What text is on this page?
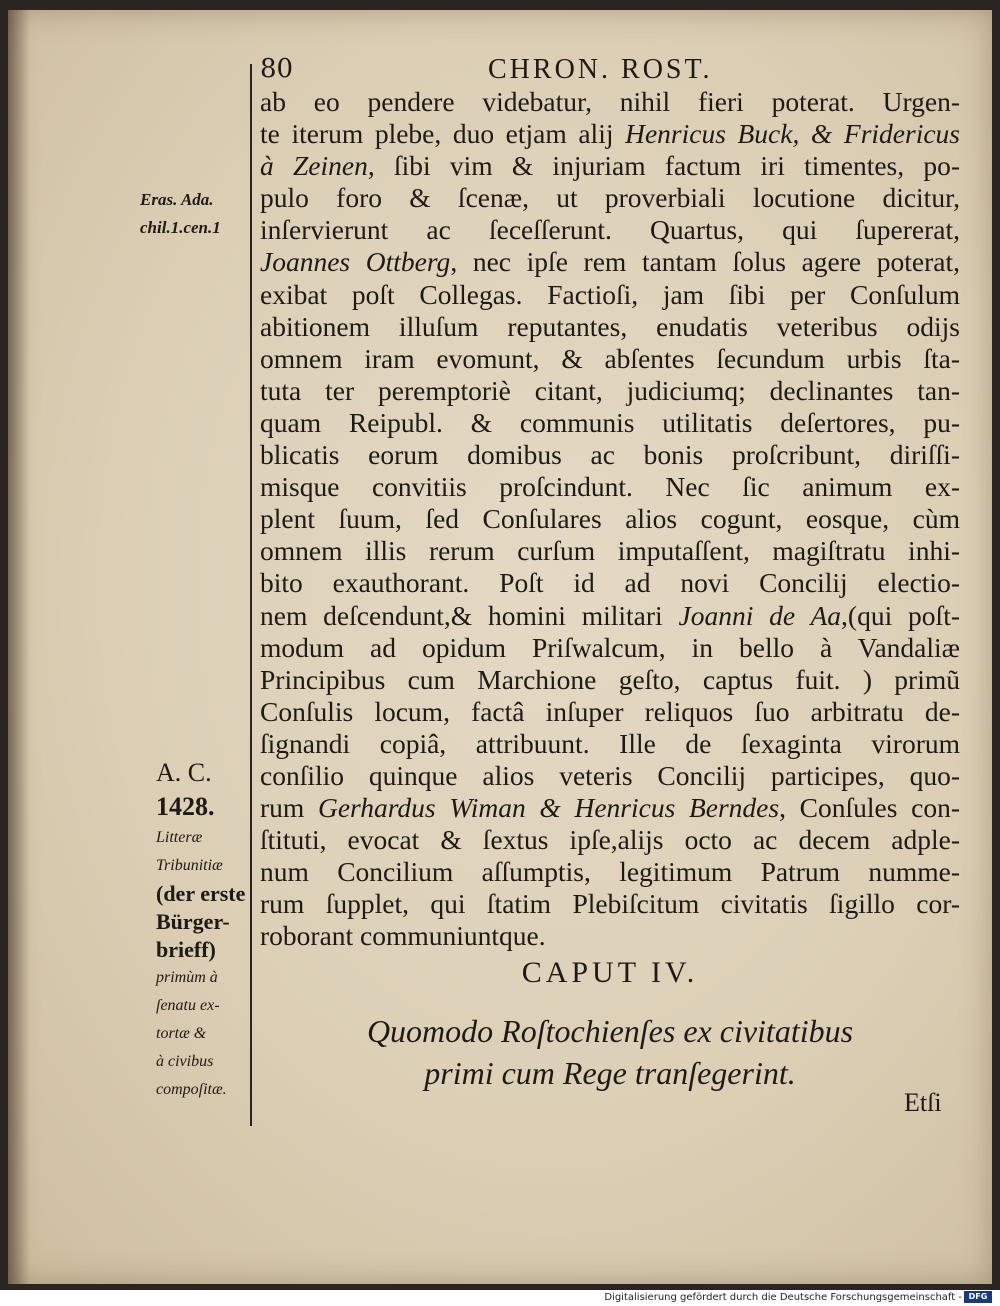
80	CHRON. ROST.
Eras. Ada.
chil.1.cen.1
A. C.
1428.
Litteræ
Tribunitiæ
(der erste
Bürger-
brieff)
primùm à
ſenatu ex-
tortæ &
à civibus
compoſitæ.
ab eo pendere videbatur, nihil fieri poterat. Urgen-
te iterum plebe, duo etjam alij Henricus Buck, & Fridericus
à Zeinen, ſibi vim & injuriam factum iri timentes, po-
pulo foro & ſcenæ, ut proverbiali locutione dicitur,
inſervierunt ac ſeceſſerunt. Quartus, qui ſupererat,
Joannes Ottberg, nec ipſe rem tantam ſolus agere poterat,
exibat poſt Collegas. Factioſi, jam ſibi per Conſulum
abitionem illuſum reputantes, enudatis veteribus odijs
omnem iram evomunt, & abſentes ſecundum urbis ſta-
tuta ter peremptoriè citant, judiciumq; declinantes tan-
quam Reipubl. & communis utilitatis deſertores, pu-
blicatis eorum domibus ac bonis proſcribunt, diriſſi-
misque convitiis proſcindunt. Nec ſic animum ex-
plent ſuum, ſed Conſulares alios cogunt, eosque, cùm
omnem illis rerum curſum imputaſſent, magiſtratu inhi-
bito exauthorant. Poſt id ad novi Concilij electio-
nem deſcendunt,& homini militari Joanni de Aa,(qui poſt-
modum ad opidum Priſwalcum, in bello à Vandaliæ
Principibus cum Marchione geſto, captus fuit. ) primũ
Conſulis locum, factâ inſuper reliquos ſuo arbitratu de-
ſignandi copiâ, attribuunt. Ille de ſexaginta virorum
conſilio quinque alios veteris Concilij participes, quo-
rum Gerhardus Wiman & Henricus Berndes, Conſules con-
ſtituti, evocat & ſextus ipſe,alijs octo ac decem adple-
num Concilium aſſumptis, legitimum Patrum numme-
rum ſupplet, qui ſtatim Plebiſcitum civitatis ſigillo cor-
roborant communiuntque.
CAPUT IV.
Quomodo Roſtochienſes ex civitatibus
primi cum Rege tranſegerint.
Etſi
Digitalisierung gefördert durch die Deutsche Forschungsgemeinschaft - DFG
